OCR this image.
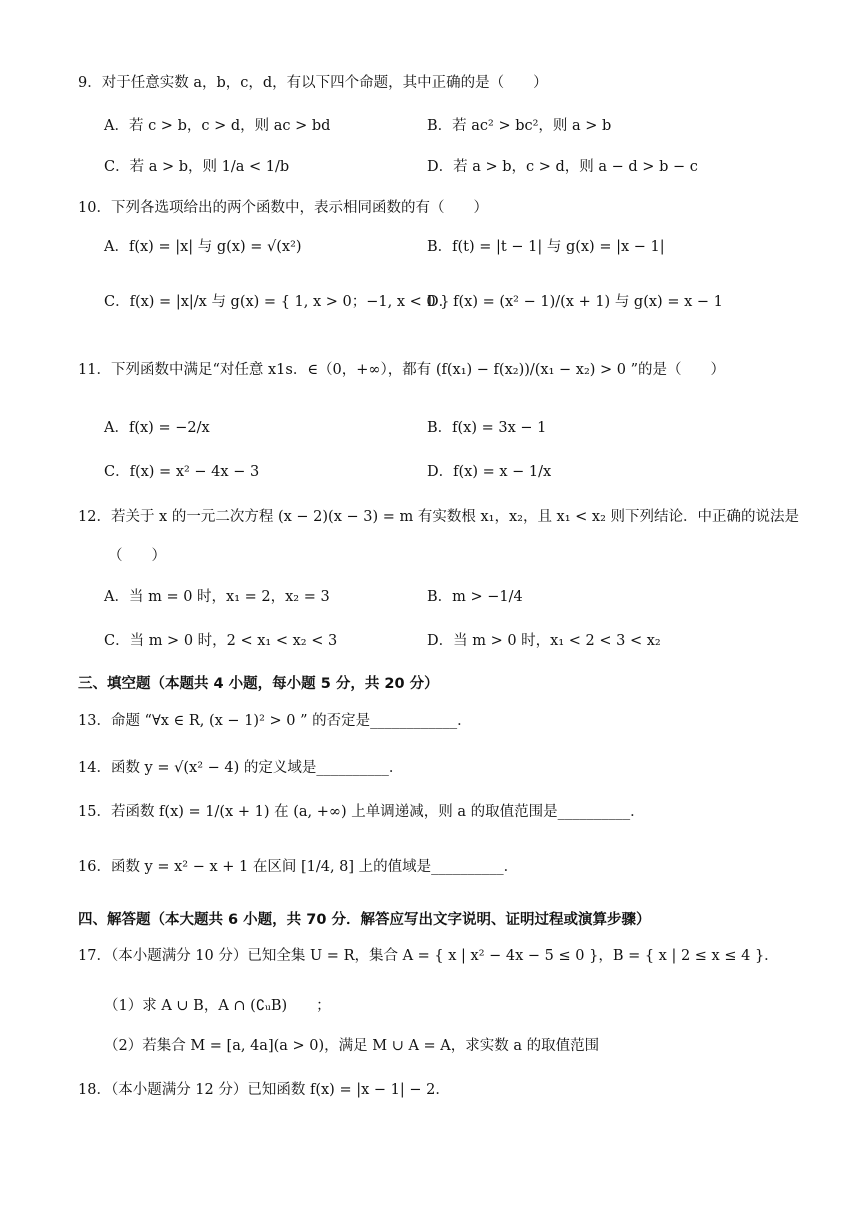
9．对于任意实数 a，b，c，d，有以下四个命题，其中正确的是（　　）
A．若 c > b，c > d，则 ac > bd	B．若 ac² > bc²，则 a > b
C．若 a > b，则 1/a < 1/b	D．若 a > b，c > d，则 a − d > b − c
10．下列各选项给出的两个函数中，表示相同函数的有（　　）
A．f(x) = |x| 与 g(x) = √(x²)	B．f(t) = |t − 1| 与 g(x) = |x − 1|
C．f(x) = |x|/x 与 g(x) = { 1, x > 0；−1, x < 0 }
D．f(x) = (x² − 1)/(x + 1) 与 g(x) = x − 1
11．下列函数中满足“对任意 x1s．∈（0，+∞），都有 (f(x₁) − f(x₂))/(x₁ − x₂) > 0 ”的是（　　）
A．f(x) = −2/x	B．f(x) = 3x − 1
C．f(x) = x² − 4x − 3	D．f(x) = x − 1/x
12．若关于 x 的一元二次方程 (x − 2)(x − 3) = m 有实数根 x₁，x₂，且 x₁ < x₂ 则下列结论．中正确的说法是
（　　）
A．当 m = 0 时，x₁ = 2，x₂ = 3	B．m > −1/4
C．当 m > 0 时，2 < x₁ < x₂ < 3	D．当 m > 0 时，x₁ < 2 < 3 < x₂
三、填空题（本题共 4 小题，每小题 5 分，共 20 分）
13．命题 “∀x ∈ R, (x − 1)² > 0 ” 的否定是____________．
14．函数 y = √(x² − 4) 的定义域是__________．
15．若函数 f(x) = 1/(x + 1) 在 (a, +∞) 上单调递减，则 a 的取值范围是__________．
16．函数 y = x² − x + 1 在区间 [1/4, 8] 上的值域是__________．
四、解答题（本大题共 6 小题，共 70 分．解答应写出文字说明、证明过程或演算步骤）
17．（本小题满分 10 分）已知全集 U = R，集合 A = { x | x² − 4x − 5 ≤ 0 }，B = { x | 2 ≤ x ≤ 4 }．
（1）求 A ∪ B，A ∩ (∁ᵤB)　　；
（2）若集合 M = [a, 4a](a > 0)，满足 M ∪ A = A，求实数 a 的取值范围
18．（本小题满分 12 分）已知函数 f(x) = |x − 1| − 2．
